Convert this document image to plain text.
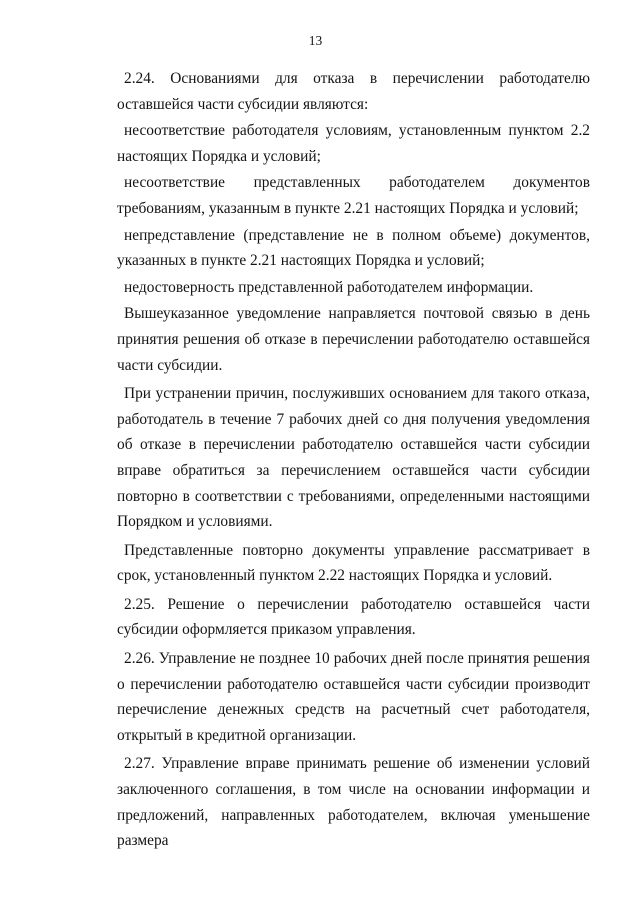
13

2.24. Основаниями для отказа в перечислении работодателю оставшейся части субсидии являются:

несоответствие работодателя условиям, установленным пунктом 2.2 настоящих Порядка и условий;

несоответствие представленных работодателем документов требованиям, указанным в пункте 2.21 настоящих Порядка и условий;

непредставление (представление не в полном объеме) документов, указанных в пункте 2.21 настоящих Порядка и условий;

недостоверность представленной работодателем информации.

Вышеуказанное уведомление направляется почтовой связью в день принятия решения об отказе в перечислении работодателю оставшейся части субсидии.

При устранении причин, послуживших основанием для такого отказа, работодатель в течение 7 рабочих дней со дня получения уведомления об отказе в перечислении работодателю оставшейся части субсидии вправе обратиться за перечислением оставшейся части субсидии повторно в соответствии с требованиями, определенными настоящими Порядком и условиями.

Представленные повторно документы управление рассматривает в срок, установленный пунктом 2.22 настоящих Порядка и условий.

2.25. Решение о перечислении работодателю оставшейся части субсидии оформляется приказом управления.

2.26. Управление не позднее 10 рабочих дней после принятия решения о перечислении работодателю оставшейся части субсидии производит перечисление денежных средств на расчетный счет работодателя, открытый в кредитной организации.

2.27. Управление вправе принимать решение об изменении условий заключенного соглашения, в том числе на основании информации и предложений, направленных работодателем, включая уменьшение размера
